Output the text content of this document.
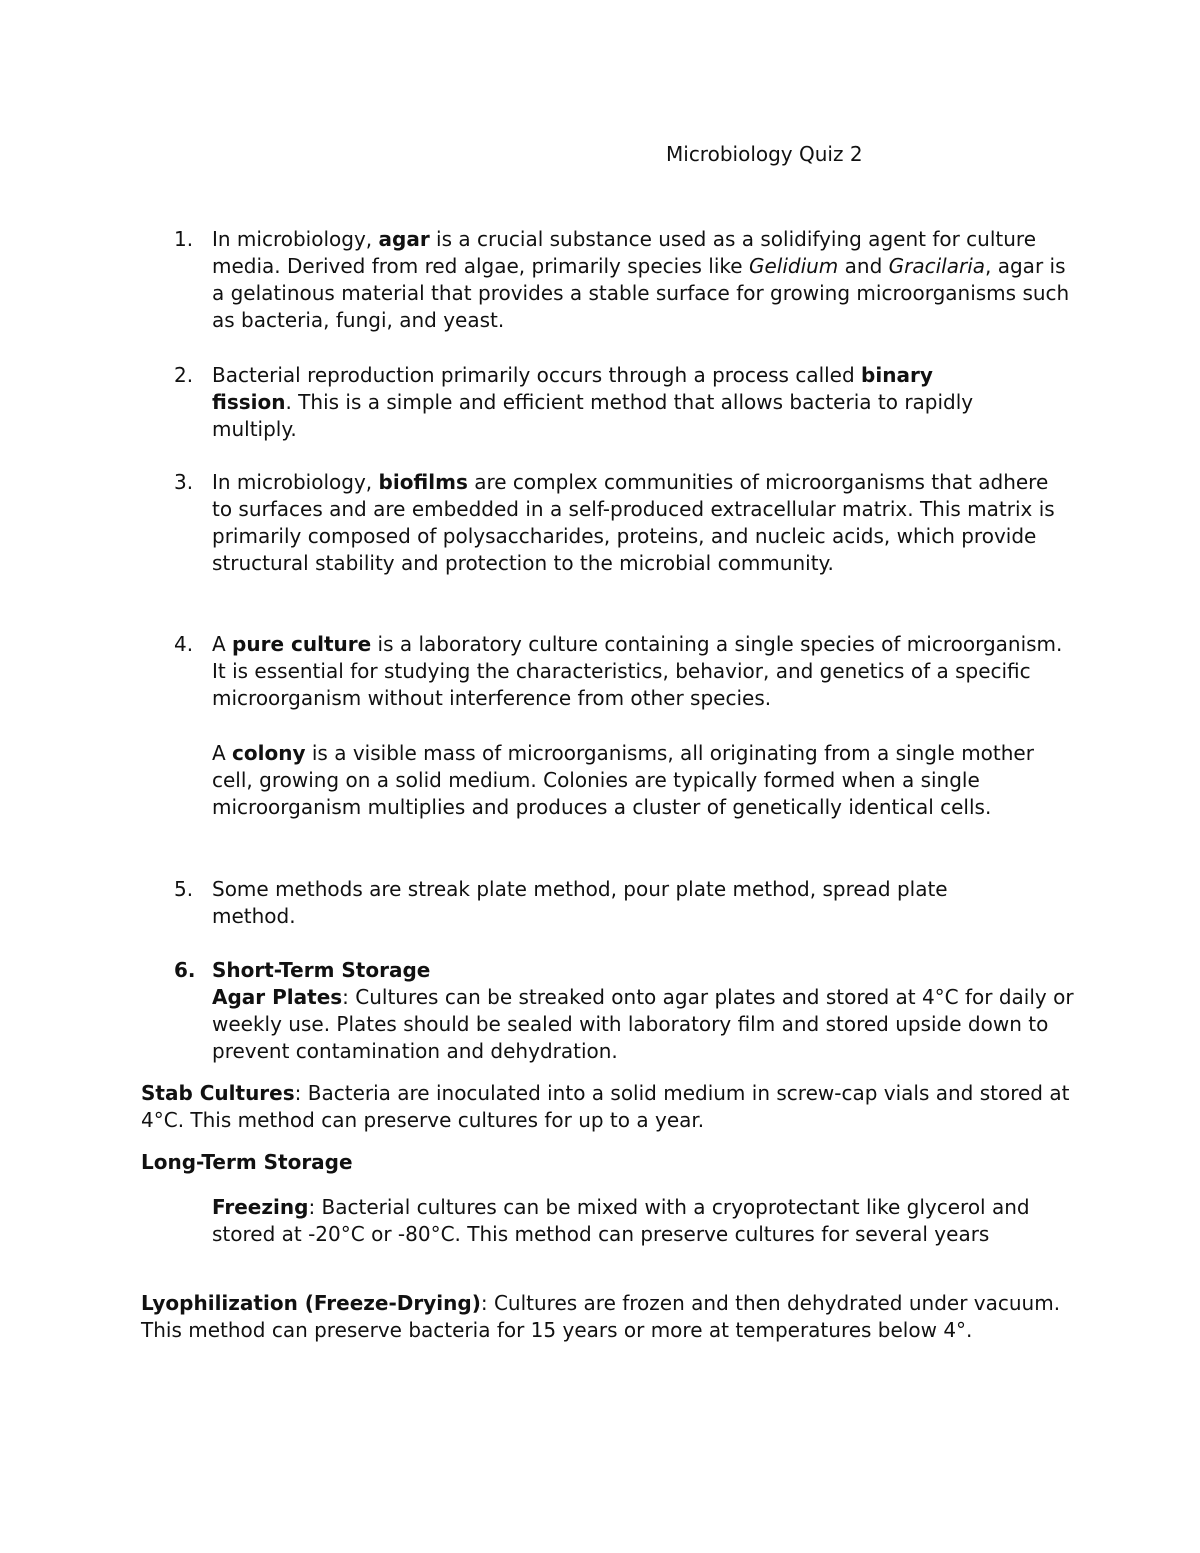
Microbiology Quiz 2
1. In microbiology, agar is a crucial substance used as a solidifying agent for culture media. Derived from red algae, primarily species like Gelidium and Gracilaria, agar is a gelatinous material that provides a stable surface for growing microorganisms such as bacteria, fungi, and yeast.
2. Bacterial reproduction primarily occurs through a process called binary fission. This is a simple and efficient method that allows bacteria to rapidly multiply.
3. In microbiology, biofilms are complex communities of microorganisms that adhere to surfaces and are embedded in a self-produced extracellular matrix. This matrix is primarily composed of polysaccharides, proteins, and nucleic acids, which provide structural stability and protection to the microbial community.
4. A pure culture is a laboratory culture containing a single species of microorganism. It is essential for studying the characteristics, behavior, and genetics of a specific microorganism without interference from other species.
A colony is a visible mass of microorganisms, all originating from a single mother cell, growing on a solid medium. Colonies are typically formed when a single microorganism multiplies and produces a cluster of genetically identical cells.
5. Some methods are streak plate method, pour plate method, spread plate method.
6. Short-Term Storage
Agar Plates: Cultures can be streaked onto agar plates and stored at 4°C for daily or weekly use. Plates should be sealed with laboratory film and stored upside down to prevent contamination and dehydration.

Stab Cultures: Bacteria are inoculated into a solid medium in screw-cap vials and stored at 4°C. This method can preserve cultures for up to a year.

Long-Term Storage

Freezing: Bacterial cultures can be mixed with a cryoprotectant like glycerol and stored at -20°C or -80°C. This method can preserve cultures for several years

Lyophilization (Freeze-Drying): Cultures are frozen and then dehydrated under vacuum. This method can preserve bacteria for 15 years or more at temperatures below 4°.
